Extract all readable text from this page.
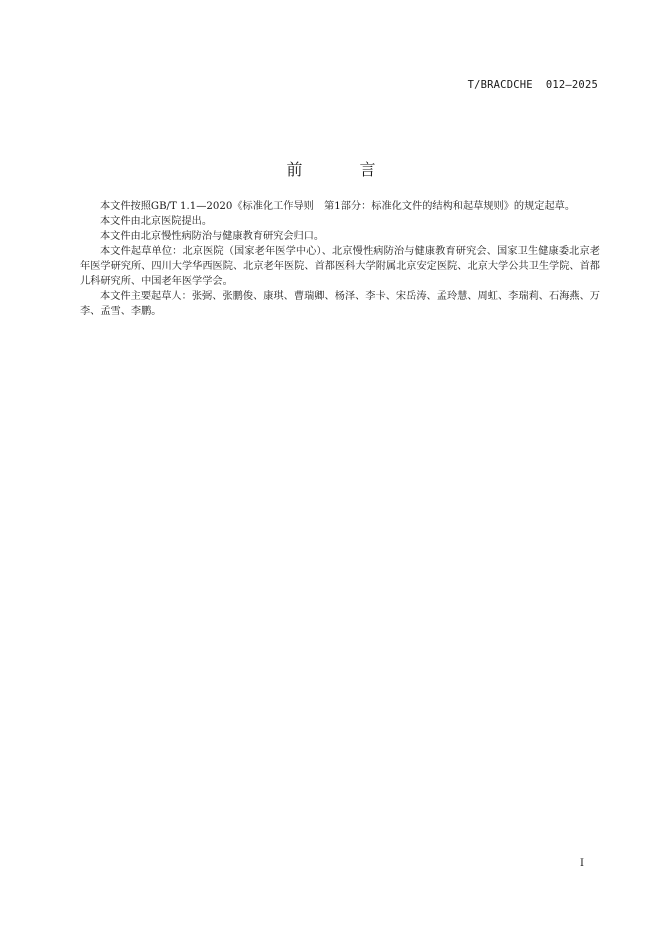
T/BRACDCHE  012—2025
前 言

本文件按照GB/T 1.1—2020《标准化工作导则　第1部分：标准化文件的结构和起草规则》的规定起草。

本文件由北京医院提出。

本文件由北京慢性病防治与健康教育研究会归口。

本文件起草单位：北京医院（国家老年医学中心）、北京慢性病防治与健康教育研究会、国家卫生健康委北京老年医学研究所、四川大学华西医院、北京老年医院、首都医科大学附属北京安定医院、北京大学公共卫生学院、首都儿科研究所、中国老年医学学会。

本文件主要起草人：张弼、张鹏俊、康琪、曹瑞卿、杨泽、李卡、宋岳涛、孟玲慧、周虹、李瑞莉、石海燕、万李、孟雪、李鹏。

I
